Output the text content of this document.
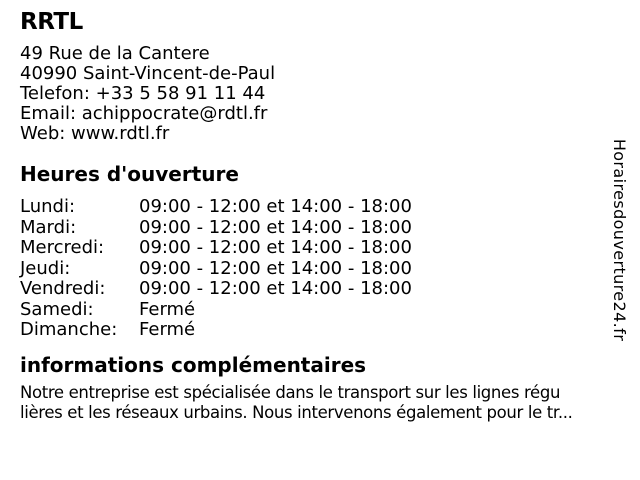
RRTL
49 Rue de la Cantere
40990 Saint-Vincent-de-Paul
Telefon: +33 5 58 91 11 44
Email: achippocrate@rdtl.fr
Web: www.rdtl.fr
Heures d'ouverture
Lundi:	09:00 - 12:00 et 14:00 - 18:00
Mardi:	09:00 - 12:00 et 14:00 - 18:00
Mercredi:	09:00 - 12:00 et 14:00 - 18:00
Jeudi:	09:00 - 12:00 et 14:00 - 18:00
Vendredi:	09:00 - 12:00 et 14:00 - 18:00
Samedi:	Fermé
Dimanche:	Fermé
informations complémentaires
Notre entreprise est spécialisée dans le transport sur les lignes régu
lières et les réseaux urbains. Nous intervenons également pour le tr...
Horairesdouverture24.fr
